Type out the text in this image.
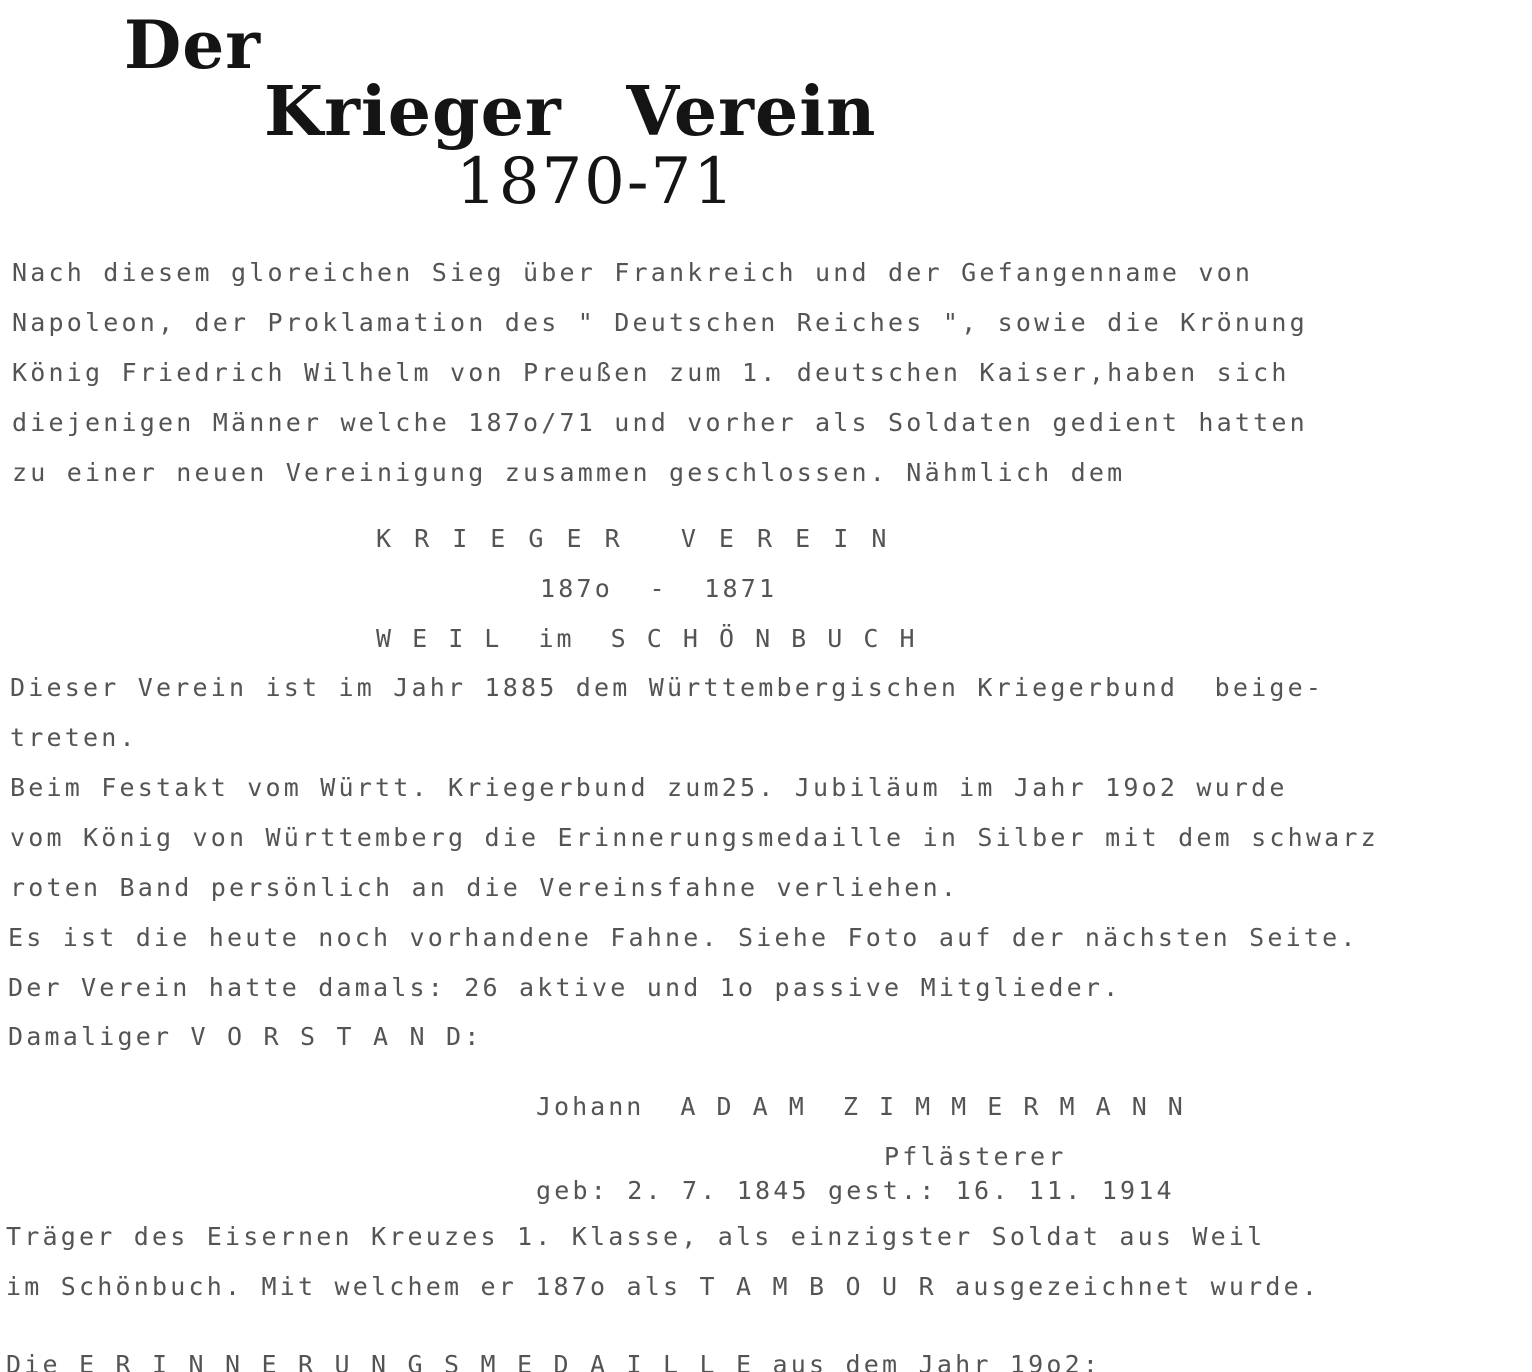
Der
Krieger Verein
1870-71
Nach diesem gloreichen Sieg über Frankreich und der Gefangenname von
Napoleon, der Proklamation des " Deutschen Reiches ", sowie die Krönung
König Friedrich Wilhelm von Preußen zum 1. deutschen Kaiser,haben sich
diejenigen Männer welche 187o/71 und vorher als Soldaten gedient hatten
zu einer neuen Vereinigung zusammen geschlossen. Nähmlich dem
K R I E G E R   V E R E I N
187o  -  1871
W E I L  im  S C H Ö N B U C H
Dieser Verein ist im Jahr 1885 dem Württembergischen Kriegerbund  beige-
treten.
Beim Festakt vom Württ. Kriegerbund zum25. Jubiläum im Jahr 19o2 wurde
vom König von Württemberg die Erinnerungsmedaille in Silber mit dem schwarz
roten Band persönlich an die Vereinsfahne verliehen.
Es ist die heute noch vorhandene Fahne. Siehe Foto auf der nächsten Seite.
Der Verein hatte damals: 26 aktive und 1o passive Mitglieder.
Damaliger V O R S T A N D:
Johann  A D A M  Z I M M E R M A N N
Pflästerer
geb: 2. 7. 1845 gest.: 16. 11. 1914
Träger des Eisernen Kreuzes 1. Klasse, als einzigster Soldat aus Weil
im Schönbuch. Mit welchem er 187o als T A M B O U R ausgezeichnet wurde.
Die E R I N N E R U N G S M E D A I L L E aus dem Jahr 19o2:
